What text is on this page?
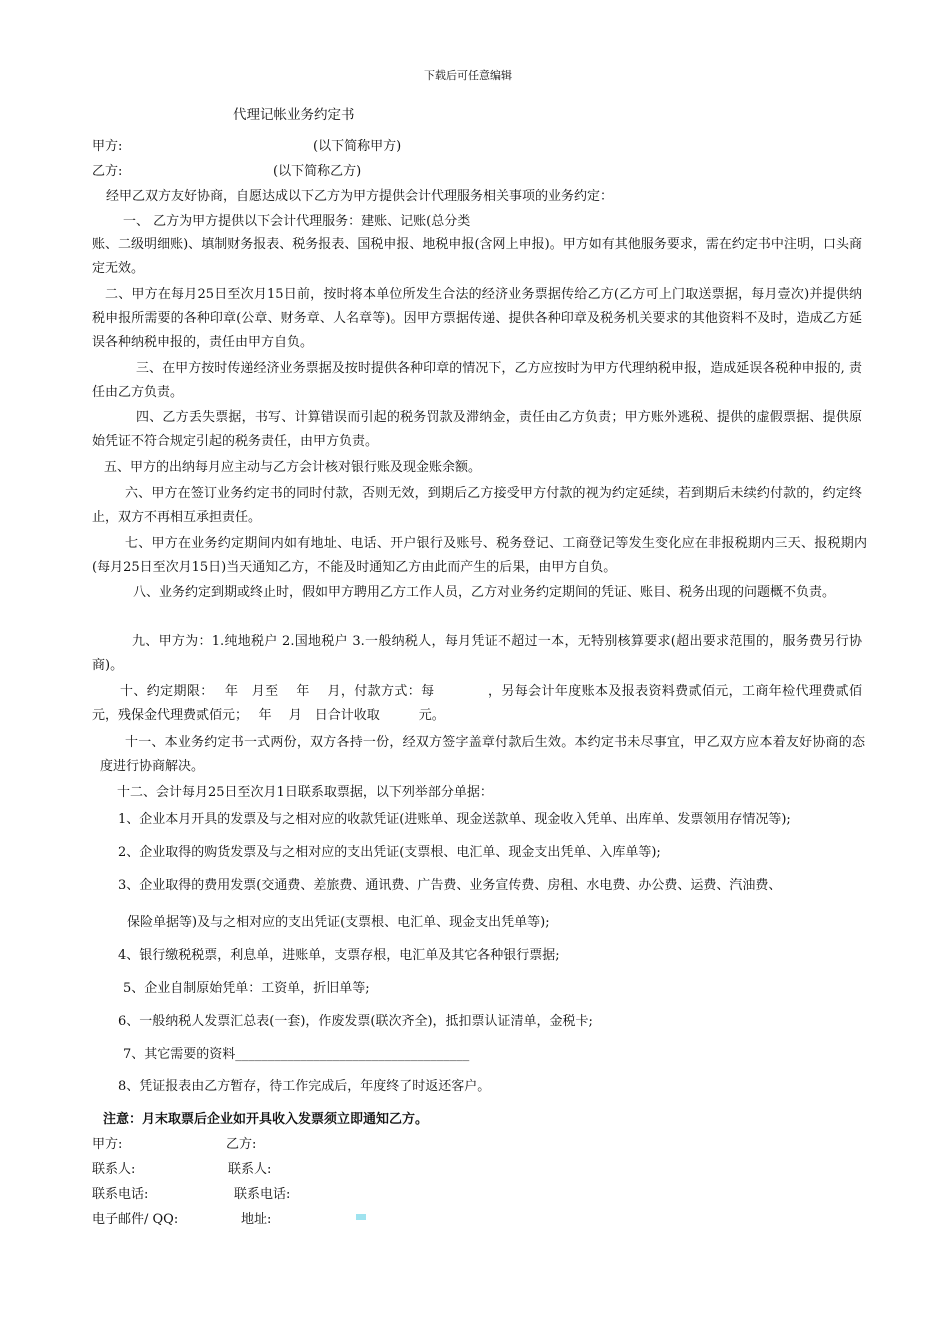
下载后可任意编辑
代理记帐业务约定书
甲方:	(以下简称甲方)
乙方:	(以下简称乙方)
经甲乙双方友好协商，自愿达成以下乙方为甲方提供会计代理服务相关事项的业务约定：
一、 乙方为甲方提供以下会计代理服务：建账、记账(总分类
账、二级明细账)、填制财务报表、税务报表、国税申报、地税申报(含网上申报)。甲方如有其他服务要求，需在约定书中注明，口头商定无效。
二、甲方在每月25日至次月15日前，按时将本单位所发生合法的经济业务票据传给乙方(乙方可上门取送票据，每月壹次)并提供纳税申报所需要的各种印章(公章、财务章、人名章等)。因甲方票据传递、提供各种印章及税务机关要求的其他资料不及时，造成乙方延误各种纳税申报的，责任由甲方自负。
三、在甲方按时传递经济业务票据及按时提供各种印章的情况下，乙方应按时为甲方代理纳税申报，造成延误各税种申报的, 责任由乙方负责。
四、乙方丢失票据，书写、计算错误而引起的税务罚款及滞纳金，责任由乙方负责；甲方账外逃税、提供的虚假票据、提供原始凭证不符合规定引起的税务责任，由甲方负责。
五、甲方的出纳每月应主动与乙方会计核对银行账及现金账余额。
六、甲方在签订业务约定书的同时付款，否则无效，到期后乙方接受甲方付款的视为约定延续，若到期后未续约付款的，约定终止，双方不再相互承担责任。
七、甲方在业务约定期间内如有地址、电话、开户银行及账号、税务登记、工商登记等发生变化应在非报税期内三天、报税期内(每月25日至次月15日)当天通知乙方，不能及时通知乙方由此而产生的后果，由甲方自负。
八、业务约定到期或终止时，假如甲方聘用乙方工作人员，乙方对业务约定期间的凭证、账目、税务出现的问题概不负责。
九、甲方为：1.纯地税户 2.国地税户 3.一般纳税人，每月凭证不超过一本，无特别核算要求(超出要求范围的，服务费另行协商)。
十、约定期限：　 年　月至　 年　 月，付款方式：每　　　　，另每会计年度账本及报表资料费贰佰元，工商年检代理费贰佰元，残保金代理费贰佰元；　 年　 月　日合计收取　　　元。
十一、本业务约定书一式两份，双方各持一份，经双方签字盖章付款后生效。本约定书未尽事宜，甲乙双方应本着友好协商的态度进行协商解决。
十二、会计每月25日至次月1日联系取票据，以下列举部分单据：
1、企业本月开具的发票及与之相对应的收款凭证(进账单、现金送款单、现金收入凭单、出库单、发票领用存情况等);
2、企业取得的购货发票及与之相对应的支出凭证(支票根、电汇单、现金支出凭单、入库单等);
3、企业取得的费用发票(交通费、差旅费、通讯费、广告费、业务宣传费、房租、水电费、办公费、运费、汽油费、
保险单据等)及与之相对应的支出凭证(支票根、电汇单、现金支出凭单等);
4、银行缴税税票，利息单，进账单，支票存根，电汇单及其它各种银行票据;
5、企业自制原始凭单：工资单，折旧单等;
6、一般纳税人发票汇总表(一套)，作废发票(联次齐全)，抵扣票认证清单，金税卡;
7、其它需要的资料____________________________________
8、凭证报表由乙方暂存，待工作完成后，年度终了时返还客户。
注意：月末取票后企业如开具收入发票须立即通知乙方。
甲方:	乙方:
联系人:	联系人:
联系电话:	联系电话:
电子邮件/ QQ:	地址:
